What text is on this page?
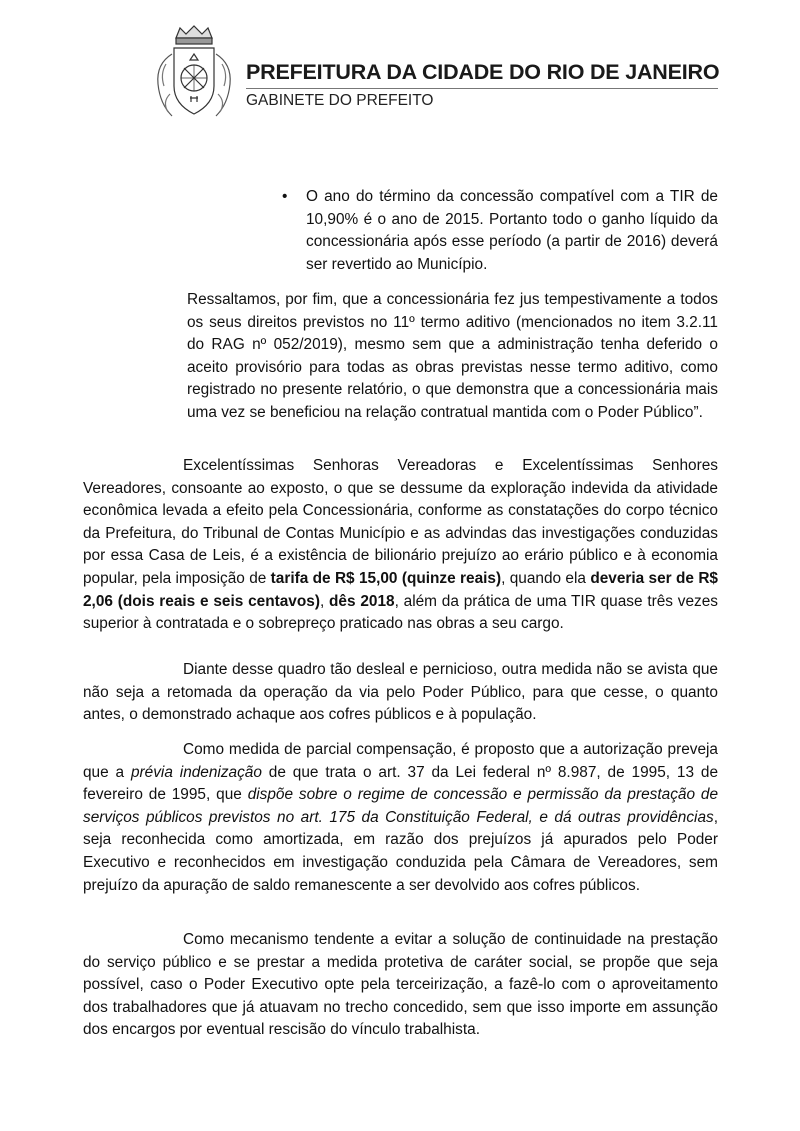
PREFEITURA DA CIDADE DO RIO DE JANEIRO
GABINETE DO PREFEITO
• O ano do término da concessão compatível com a TIR de 10,90% é o ano de 2015. Portanto todo o ganho líquido da concessionária após esse período (a partir de 2016) deverá ser revertido ao Município.

Ressaltamos, por fim, que a concessionária fez jus tempestivamente a todos os seus direitos previstos no 11º termo aditivo (mencionados no item 3.2.11 do RAG nº 052/2019), mesmo sem que a administração tenha deferido o aceito provisório para todas as obras previstas nesse termo aditivo, como registrado no presente relatório, o que demonstra que a concessionária mais uma vez se beneficiou na relação contratual mantida com o Poder Público”.

Excelentíssimas Senhoras Vereadoras e Excelentíssimas Senhores Vereadores, consoante ao exposto, o que se dessume da exploração indevida da atividade econômica levada a efeito pela Concessionária, conforme as constatações do corpo técnico da Prefeitura, do Tribunal de Contas Município e as advindas das investigações conduzidas por essa Casa de Leis, é a existência de bilionário prejuízo ao erário público e à economia popular, pela imposição de tarifa de R$ 15,00 (quinze reais), quando ela deveria ser de R$ 2,06 (dois reais e seis centavos), dês 2018, além da prática de uma TIR quase três vezes superior à contratada e o sobrepreço praticado nas obras a seu cargo.

Diante desse quadro tão desleal e pernicioso, outra medida não se avista que não seja a retomada da operação da via pelo Poder Público, para que cesse, o quanto antes, o demonstrado achaque aos cofres públicos e à população.

Como medida de parcial compensação, é proposto que a autorização preveja que a prévia indenização de que trata o art. 37 da Lei federal nº 8.987, de 1995, 13 de fevereiro de 1995, que dispõe sobre o regime de concessão e permissão da prestação de serviços públicos previstos no art. 175 da Constituição Federal, e dá outras providências, seja reconhecida como amortizada, em razão dos prejuízos já apurados pelo Poder Executivo e reconhecidos em investigação conduzida pela Câmara de Vereadores, sem prejuízo da apuração de saldo remanescente a ser devolvido aos cofres públicos.

Como mecanismo tendente a evitar a solução de continuidade na prestação do serviço público e se prestar a medida protetiva de caráter social, se propõe que seja possível, caso o Poder Executivo opte pela terceirização, a fazê-lo com o aproveitamento dos trabalhadores que já atuavam no trecho concedido, sem que isso importe em assunção dos encargos por eventual rescisão do vínculo trabalhista.
